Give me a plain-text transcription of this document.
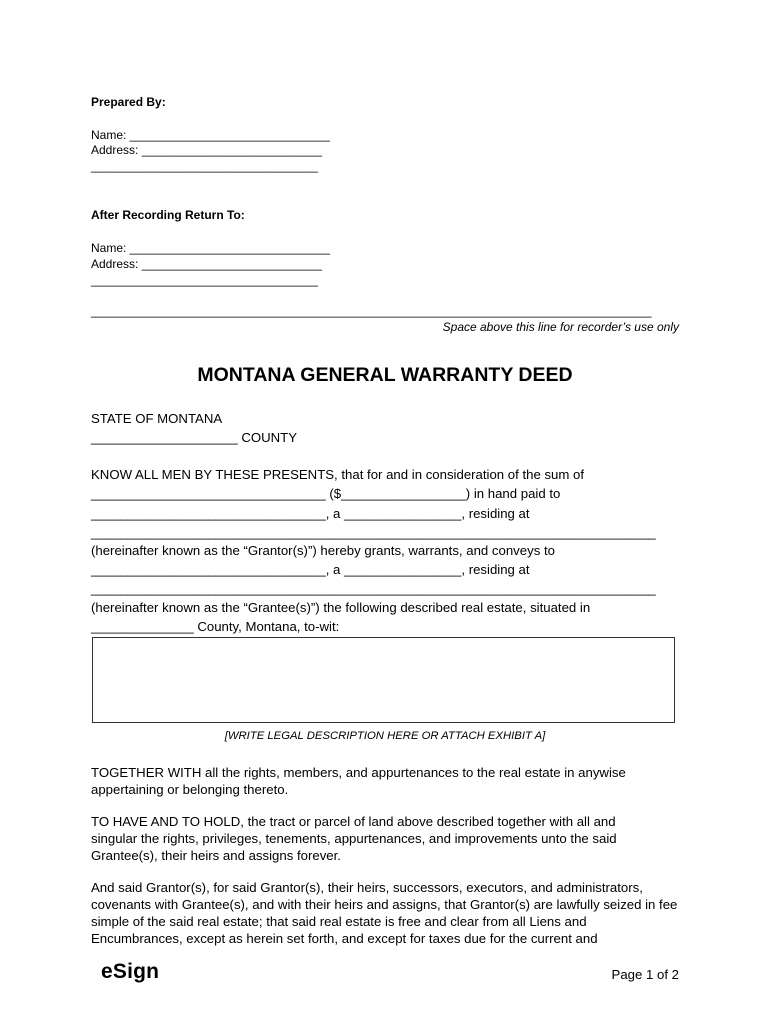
Prepared By:
Name: ______________________________
Address: ___________________________
__________________________________
After Recording Return To:
Name: ______________________________
Address: ___________________________
__________________________________
____________________________________________________________________________________
Space above this line for recorder’s use only
MONTANA GENERAL WARRANTY DEED
STATE OF MONTANA
____________________ COUNTY
KNOW ALL MEN BY THESE PRESENTS, that for and in consideration of the sum of
________________________________ ($_________________) in hand paid to
________________________________, a ________________, residing at
_____________________________________________________________________________
(hereinafter known as the “Grantor(s)”) hereby grants, warrants, and conveys to
________________________________, a ________________, residing at
_____________________________________________________________________________
(hereinafter known as the “Grantee(s)”) the following described real estate, situated in
______________ County, Montana, to-wit:
[WRITE LEGAL DESCRIPTION HERE OR ATTACH EXHIBIT A]
TOGETHER WITH all the rights, members, and appurtenances to the real estate in anywise appertaining or belonging thereto.
TO HAVE AND TO HOLD, the tract or parcel of land above described together with all and singular the rights, privileges, tenements, appurtenances, and improvements unto the said Grantee(s), their heirs and assigns forever.
And said Grantor(s), for said Grantor(s), their heirs, successors, executors, and administrators, covenants with Grantee(s), and with their heirs and assigns, that Grantor(s) are lawfully seized in fee simple of the said real estate; that said real estate is free and clear from all Liens and Encumbrances, except as herein set forth, and except for taxes due for the current and
eSign	Page 1 of 2
